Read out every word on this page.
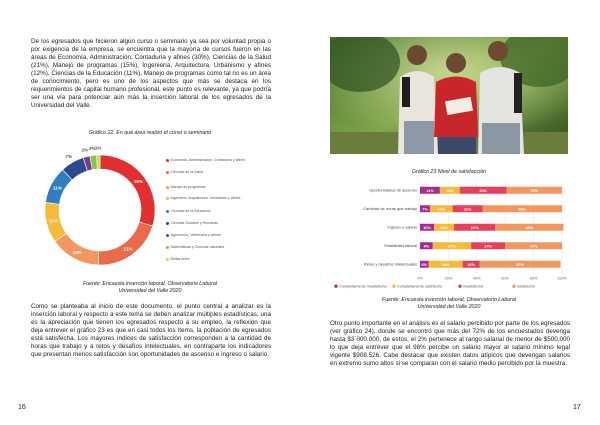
De los egresados que hicieron algún curso o seminario ya sea por voluntad propia o por exigencia de la empresa, se encuentra que la mayoría de cursos fueron en las áreas de Economía, Administración, Contaduría y afines (30%), Ciencias de la Salud (21%), Manejo de programas (15%), Ingeniería, Arquitectura, Urbanismo y afines (12%), Ciencias de la Educación (11%), Manejo de programas como tal no es un área de conocimiento, pero es uno de los aspectos que más se destaca en los requerimientos de capital humano profesional, este punto es relevante, ya que podría ser una vía para potenciar aún más la inserción laboral de los egresados de la Universidad del Valle.

Gráfico 22. En qué área realizo el curso o seminario

30%
21%
15%
12%
11%
7%
2% 2% 1%
Economía, Administración, Contaduría y afines
Ciencias de la Salud
Manejo de programas
Ingeniería, Arquitectura, Urbanismo y afines
Ciencias de la Educación
Ciencias Sociales y Humanas
Agronomía, Veterinaria y afines
Matemáticas y Ciencias naturales
Bellas Artes

Fuente: Encuesta inserción laboral, Observatorio Laboral
Universidad del Valle 2020

Como se planteaba al inicio de este documento, el punto central a analizar es la inserción laboral y respecto a este tema se deben analizar múltiples estadísticas, una es la apreciación que tienen los egresados respecto a su empleo, la reflexión que deja entrever el gráfico 23 es que en casi todos los ítems, la población de egresados está satisfecha. Los mayores índices de satisfacción corresponden a la cantidad de horas que trabajo y a retos y desafíos intelectuales, en contraparte los indicadores que presentan menos satisfacción son oportunidades de ascenso e ingreso o salario.

16

Gráfico 23 Nivel de satisfacción

0%	20%	40%	60%	80%	100%
Oportunidades de ascenso 14%	14%	33%	39%
Cantidad de horas que trabajo 7%	16%	21%	56%
Ingreso o salario 10% 14%	29%	48%
Estabilidad laboral 9%	27%	24%	40%
Retos y desafíos intelectuales 6%	24%	12%	57%
Completamente insatisfecho	Completamente satisfecho	Insatisfecho	Satisfecho

Fuente: Encuesta inserción laboral, Observatorio Laboral
Universidad del Valle 2020

Otro punto importante en el análisis es el salario percibido por parte de los egresados (ver gráfico 24), donde se encontró que más del 72% de los encuestados devenga hasta $3´000.000, de estos, el 2% pertenece al rango salarial de menor de $500.000 lo que deja entrever que el 98% percibe un salario mayor al salario mínimo legal vigente $908.526. Cabe destacar que existen datos atípicos que devengan salarios en extremo sumo altos si se comparan con el salario medio percibido por la muestra.

17
